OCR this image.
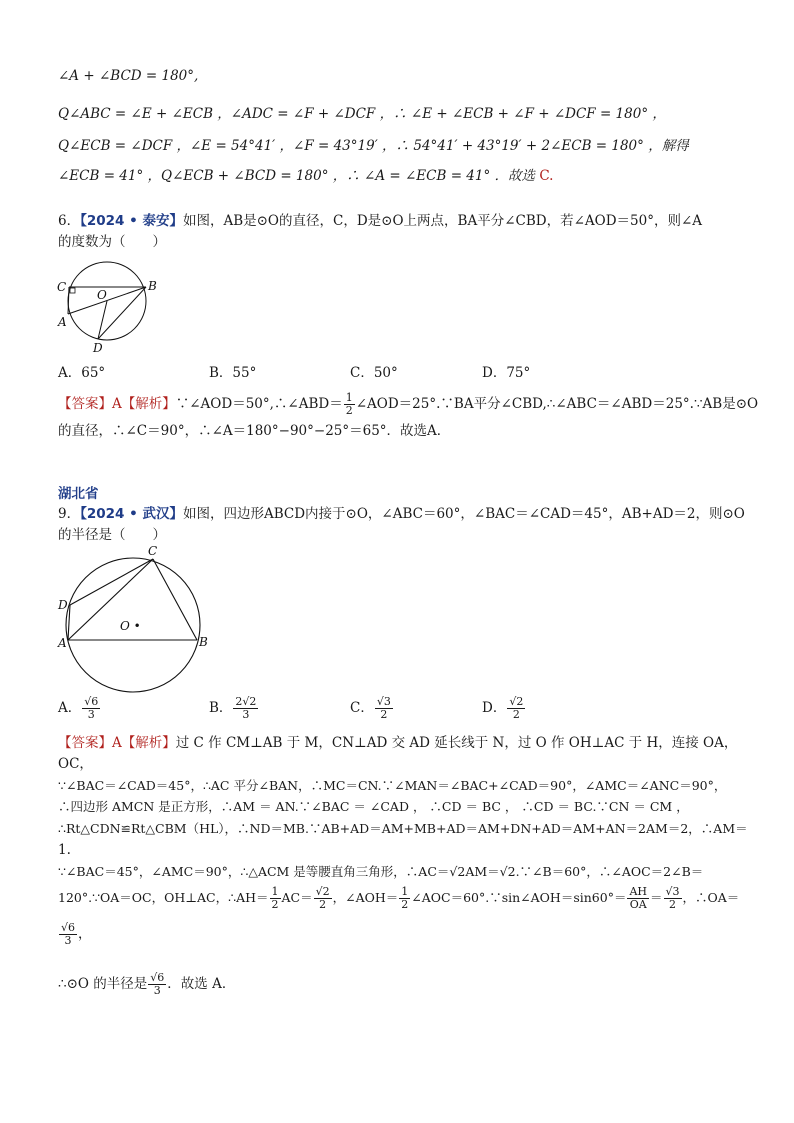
∠A + ∠BCD = 180°,
Q∠ABC = ∠E + ∠ECB ，∠ADC = ∠F + ∠DCF ，∴ ∠E + ∠ECB + ∠F + ∠DCF = 180° ，
Q∠ECB = ∠DCF ，∠E = 54°41′ ，∠F = 43°19′ ，∴ 54°41′ + 43°19′ + 2∠ECB = 180° ，解得
∠ECB = 41° ，Q∠ECB + ∠BCD = 180° ，∴ ∠A = ∠ECB = 41° ．故选 C.
6．【2024 • 泰安】如图，AB是⊙O的直径，C，D是⊙O上两点，BA平分∠CBD，若∠AOD＝50°，则∠A
的度数为（　　）
C
O
B
A
D
A．65°	B．55°	C．50°	D．75°
【答案】A【解析】∵∠AOD＝50°,∴∠ABD＝ $\frac{1}{2}$ ∠AOD＝25°.∵BA平分∠CBD,∴∠ABC＝∠ABD＝25°.∵AB是⊙O
的直径，∴∠C＝90°，∴∠A＝180°−90°−25°＝65°．故选A．
湖北省
9．【2024 • 武汉】如图，四边形ABCD内接于⊙O，∠ABC＝60°，∠BAC＝∠CAD＝45°，AB+AD＝2，则⊙O
的半径是（　　）
C
D
O •
A	B
A． $\frac{√6}{3}$	B． $\frac{2√2}{3}$	C． $\frac{√3}{2}$	D． $\frac{√2}{2}$
【答案】A【解析】过 C 作 CM⊥AB 于 M，CN⊥AD 交 AD 延长线于 N，过 O 作 OH⊥AC 于 H，连接 OA，
OC，
∵∠BAC＝∠CAD＝45°，∴AC 平分∠BAN，∴MC＝CN.∵∠MAN＝∠BAC+∠CAD＝90°，∠AMC＝∠ANC＝90°，
∴四边形 AMCN 是正方形，∴AM ＝ AN.∵∠BAC ＝ ∠CAD ， ∴CD ＝ BC ， ∴CD ＝ BC.∵CN ＝ CM ，
∴Rt△CDN≌Rt△CBM（HL），∴ND＝MB.∵AB+AD＝AM+MB+AD＝AM+DN+AD＝AM+AN＝2AM＝2，∴AM＝
1.
∵∠BAC＝45°，∠AMC＝90°，∴△ACM 是等腰直角三角形，∴AC＝√2AM＝√2.∵∠B＝60°，∴∠AOC＝2∠B＝
120°.∵OA＝OC，OH⊥AC，∴AH＝ $\frac{1}{2} AC= \frac{√2}{2}$ ，∠AOH＝ $\frac{1}{2}$ ∠AOC＝60°.∵sin∠AOH＝sin60°＝ $\frac{AH}{OA} = \frac{√3}{2}$ ，∴OA＝
$\frac{√6}{3}$ ，
∴⊙O 的半径是 $\frac{√6}{3}$ ．故选 A．
